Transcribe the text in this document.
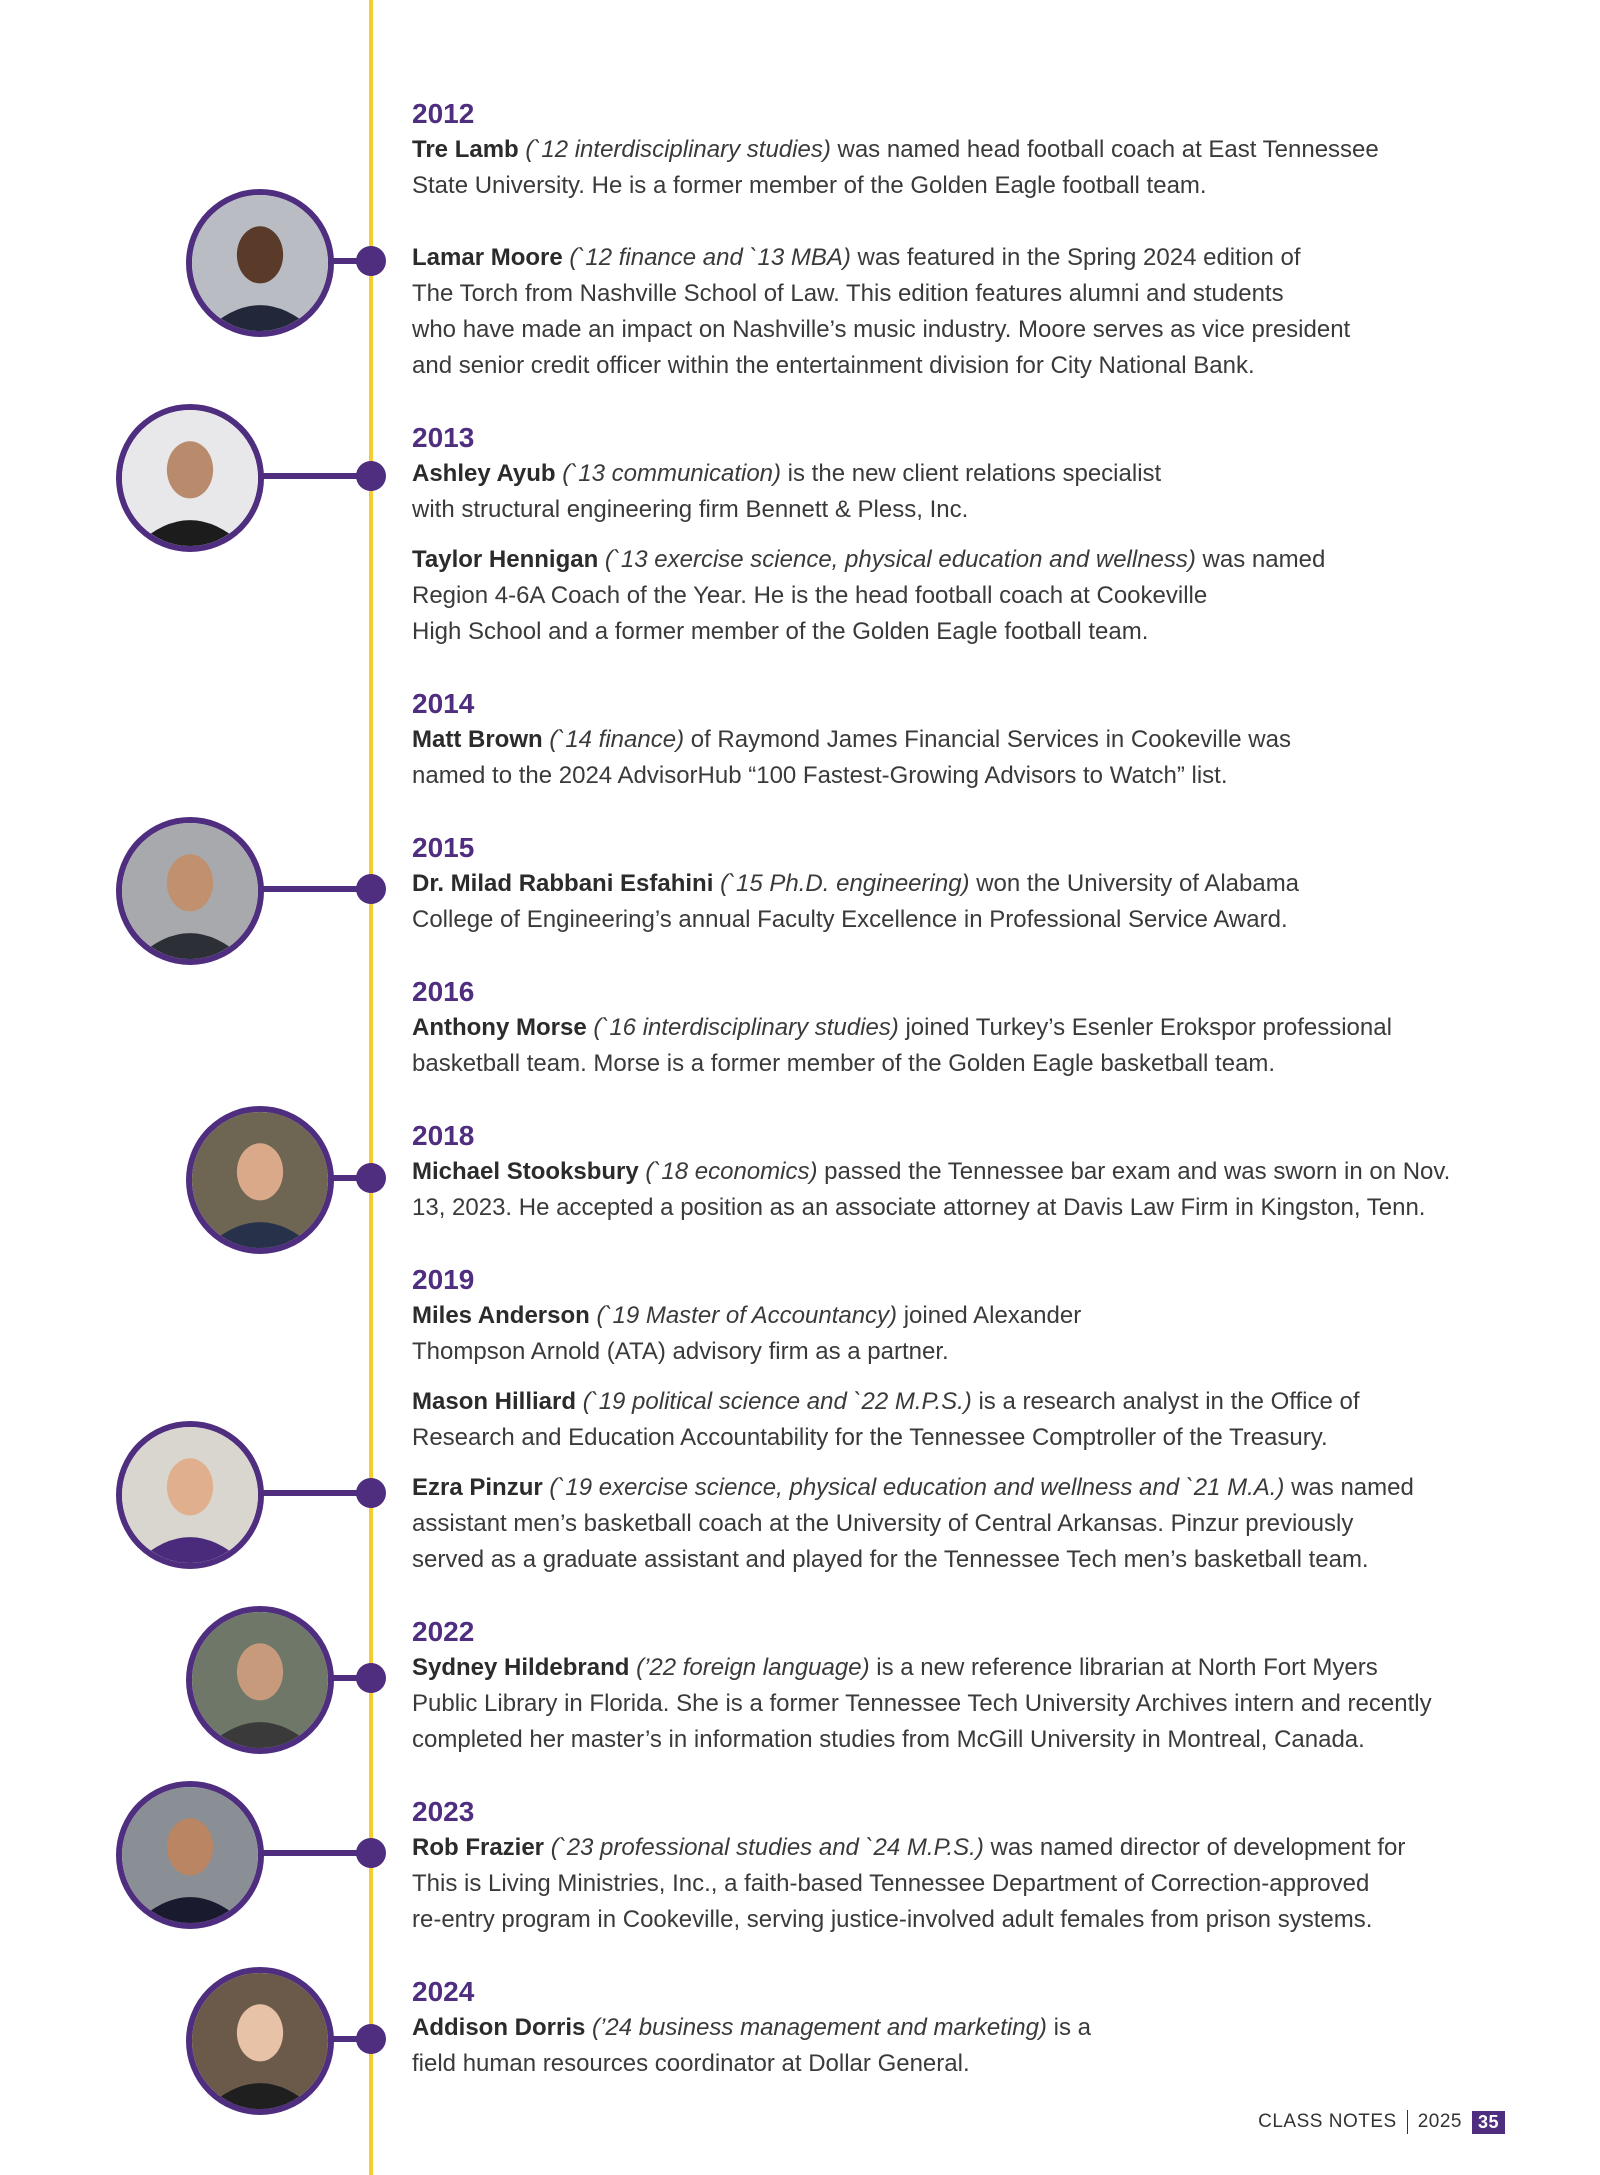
2012

Tre Lamb (`12 interdisciplinary studies) was named head football coach at East Tennessee
State University. He is a former member of the Golden Eagle football team.

Lamar Moore (`12 finance and `13 MBA) was featured in the Spring 2024 edition of
The Torch from Nashville School of Law. This edition features alumni and students
who have made an impact on Nashville’s music industry. Moore serves as vice president
and senior credit officer within the entertainment division for City National Bank.

2013

Ashley Ayub (`13 communication) is the new client relations specialist
with structural engineering firm Bennett & Pless, Inc.

Taylor Hennigan (`13 exercise science, physical education and wellness) was named
Region 4-6A Coach of the Year. He is the head football coach at Cookeville
High School and a former member of the Golden Eagle football team.

2014

Matt Brown (`14 finance) of Raymond James Financial Services in Cookeville was
named to the 2024 AdvisorHub “100 Fastest-Growing Advisors to Watch” list.

2015

Dr. Milad Rabbani Esfahini (`15 Ph.D. engineering) won the University of Alabama
College of Engineering’s annual Faculty Excellence in Professional Service Award.

2016

Anthony Morse (`16 interdisciplinary studies) joined Turkey’s Esenler Erokspor professional
basketball team. Morse is a former member of the Golden Eagle basketball team.

2018

Michael Stooksbury (`18 economics) passed the Tennessee bar exam and was sworn in on Nov.
13, 2023. He accepted a position as an associate attorney at Davis Law Firm in Kingston, Tenn.

2019

Miles Anderson (`19 Master of Accountancy) joined Alexander
Thompson Arnold (ATA) advisory firm as a partner.

Mason Hilliard (`19 political science and `22 M.P.S.) is a research analyst in the Office of
Research and Education Accountability for the Tennessee Comptroller of the Treasury.

Ezra Pinzur (`19 exercise science, physical education and wellness and `21 M.A.) was named
assistant men’s basketball coach at the University of Central Arkansas. Pinzur previously
served as a graduate assistant and played for the Tennessee Tech men’s basketball team.

2022

Sydney Hildebrand (’22 foreign language) is a new reference librarian at North Fort Myers
Public Library in Florida. She is a former Tennessee Tech University Archives intern and recently
completed her master’s in information studies from McGill University in Montreal, Canada.

2023

Rob Frazier (`23 professional studies and `24 M.P.S.) was named director of development for
This is Living Ministries, Inc., a faith-based Tennessee Department of Correction-approved
re-entry program in Cookeville, serving justice-involved adult females from prison systems.

2024

Addison Dorris (’24 business management and marketing) is a
field human resources coordinator at Dollar General.

CLASS NOTES 2025 35
